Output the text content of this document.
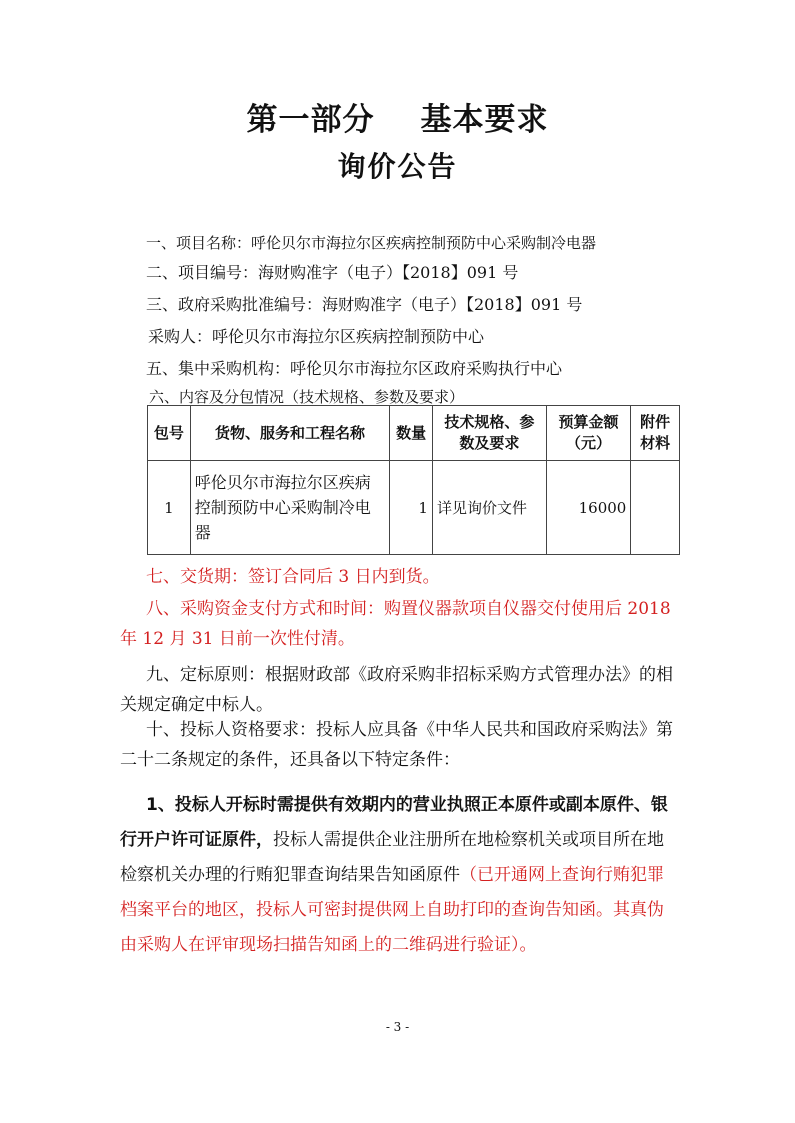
第一部分 基本要求
询价公告
一、项目名称：呼伦贝尔市海拉尔区疾病控制预防中心采购制冷电器
二、项目编号：海财购准字（电子）【2018】091 号
三、政府采购批准编号：海财购准字（电子）【2018】091 号
采购人：呼伦贝尔市海拉尔区疾病控制预防中心
五、集中采购机构：呼伦贝尔市海拉尔区政府采购执行中心
六、内容及分包情况（技术规格、参数及要求）
包号	货物、服务和工程名称	数量	技术规格、参数及要求	预算金额（元）	附件材料
1	呼伦贝尔市海拉尔区疾病控制预防中心采购制冷电器	1	详见询价文件	16000	
七、交货期：签订合同后 3 日内到货。
八、采购资金支付方式和时间：购置仪器款项自仪器交付使用后 2018 年 12 月 31 日前一次性付清。
九、定标原则：根据财政部《政府采购非招标采购方式管理办法》的相关规定确定中标人。
十、投标人资格要求：投标人应具备《中华人民共和国政府采购法》第二十二条规定的条件，还具备以下特定条件：
1、投标人开标时需提供有效期内的营业执照正本原件或副本原件、银行开户许可证原件，投标人需提供企业注册所在地检察机关或项目所在地检察机关办理的行贿犯罪查询结果告知函原件（已开通网上查询行贿犯罪档案平台的地区，投标人可密封提供网上自助打印的查询告知函。其真伪由采购人在评审现场扫描告知函上的二维码进行验证）。
- 3 -
